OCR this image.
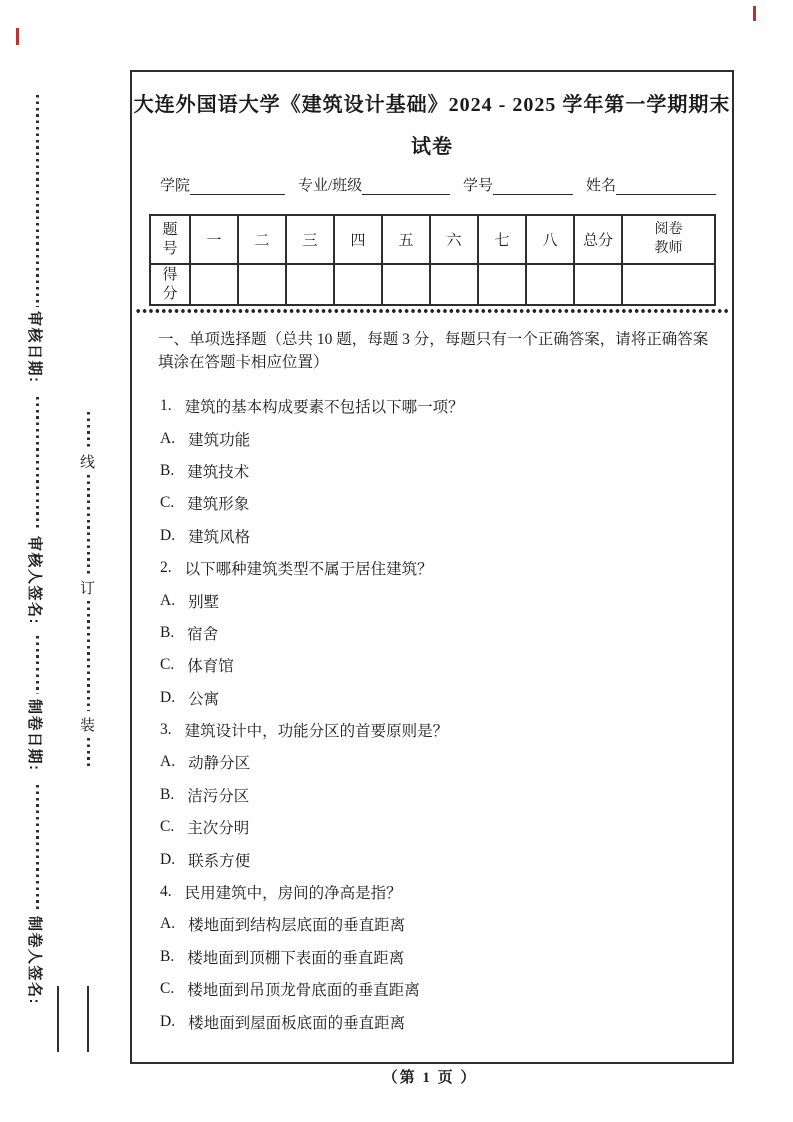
审核日期:
审核人签名:
制卷日期:
制卷人签名:
线
订
装
大连外国语大学《建筑设计基础》2024 - 2025 学年第一学期期末
试卷
学院	专业/班级	学号	姓名
题号	一	二	三	四	五	六	七	八	总分	阅卷教师
得分										
一、单项选择题（总共 10 题，每题 3 分，每题只有一个正确答案，请将正确答案填涂在答题卡相应位置）
1. 建筑的基本构成要素不包括以下哪一项？
A. 建筑功能
B. 建筑技术
C. 建筑形象
D. 建筑风格
2. 以下哪种建筑类型不属于居住建筑？
A. 别墅
B. 宿舍
C. 体育馆
D. 公寓
3. 建筑设计中，功能分区的首要原则是？
A. 动静分区
B. 洁污分区
C. 主次分明
D. 联系方便
4. 民用建筑中，房间的净高是指？
A. 楼地面到结构层底面的垂直距离
B. 楼地面到顶棚下表面的垂直距离
C. 楼地面到吊顶龙骨底面的垂直距离
D. 楼地面到屋面板底面的垂直距离
（第 1 页 ）
